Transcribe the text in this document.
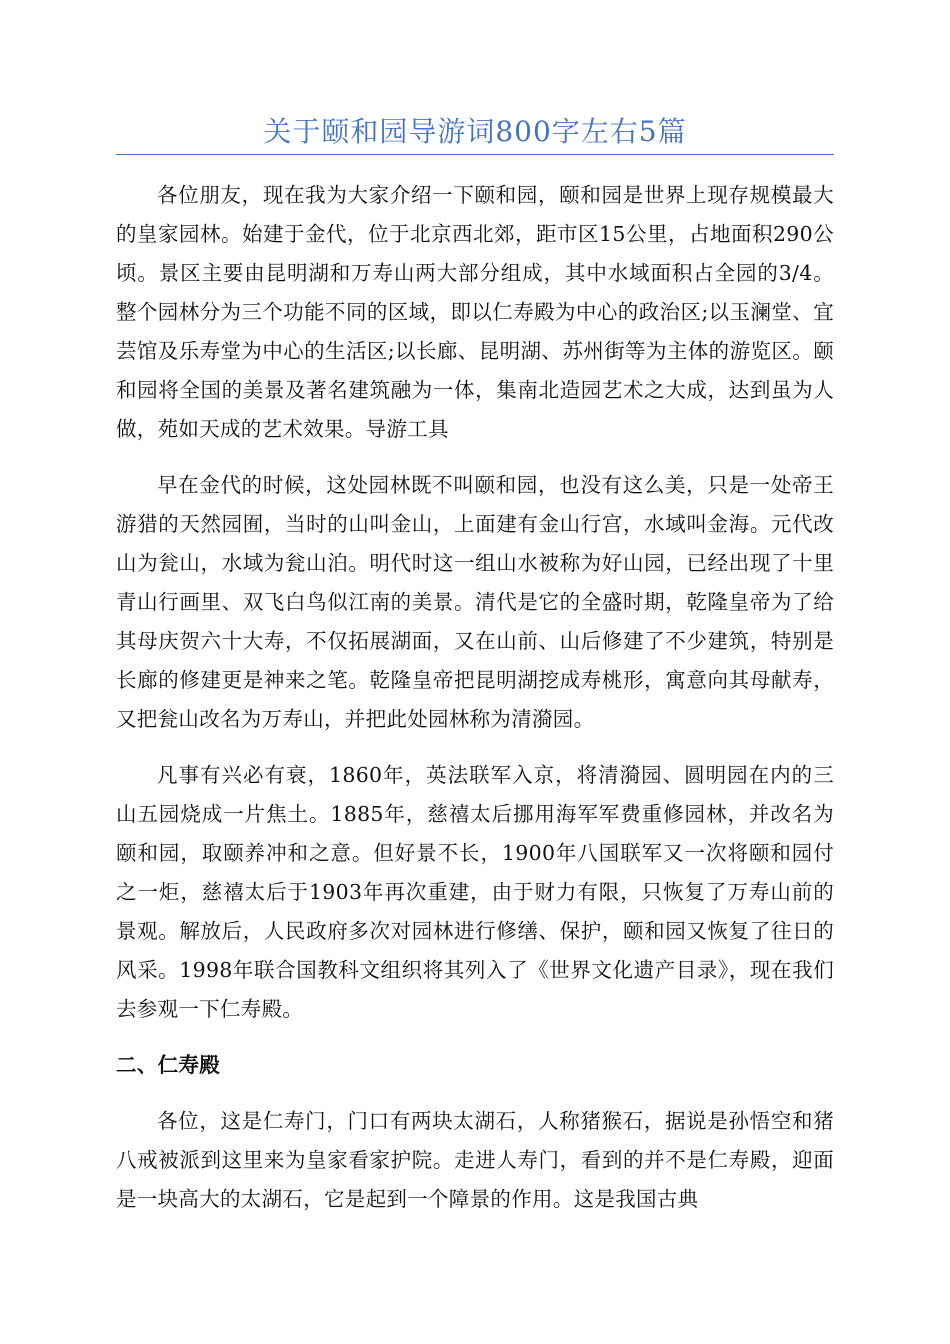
关于颐和园导游词800字左右5篇

各位朋友，现在我为大家介绍一下颐和园，颐和园是世界上现存规模最大的皇家园林。始建于金代，位于北京西北郊，距市区15公里，占地面积290公顷。景区主要由昆明湖和万寿山两大部分组成，其中水域面积占全园的3/4。整个园林分为三个功能不同的区域，即以仁寿殿为中心的政治区;以玉澜堂、宜芸馆及乐寿堂为中心的生活区;以长廊、昆明湖、苏州街等为主体的游览区。颐和园将全国的美景及著名建筑融为一体，集南北造园艺术之大成，达到虽为人做，苑如天成的艺术效果。导游工具

早在金代的时候，这处园林既不叫颐和园，也没有这么美，只是一处帝王游猎的天然园囿，当时的山叫金山，上面建有金山行宫，水域叫金海。元代改山为瓮山，水域为瓮山泊。明代时这一组山水被称为好山园，已经出现了十里青山行画里、双飞白鸟似江南的美景。清代是它的全盛时期，乾隆皇帝为了给其母庆贺六十大寿，不仅拓展湖面，又在山前、山后修建了不少建筑，特别是长廊的修建更是神来之笔。乾隆皇帝把昆明湖挖成寿桃形，寓意向其母献寿，又把瓮山改名为万寿山，并把此处园林称为清漪园。

凡事有兴必有衰，1860年，英法联军入京，将清漪园、圆明园在内的三山五园烧成一片焦土。1885年，慈禧太后挪用海军军费重修园林，并改名为颐和园，取颐养冲和之意。但好景不长，1900年八国联军又一次将颐和园付之一炬，慈禧太后于1903年再次重建，由于财力有限，只恢复了万寿山前的景观。解放后，人民政府多次对园林进行修缮、保护，颐和园又恢复了往日的风采。1998年联合国教科文组织将其列入了《世界文化遗产目录》，现在我们去参观一下仁寿殿。

二、仁寿殿

各位，这是仁寿门，门口有两块太湖石，人称猪猴石，据说是孙悟空和猪八戒被派到这里来为皇家看家护院。走进人寿门，看到的并不是仁寿殿，迎面是一块高大的太湖石，它是起到一个障景的作用。这是我国古典
